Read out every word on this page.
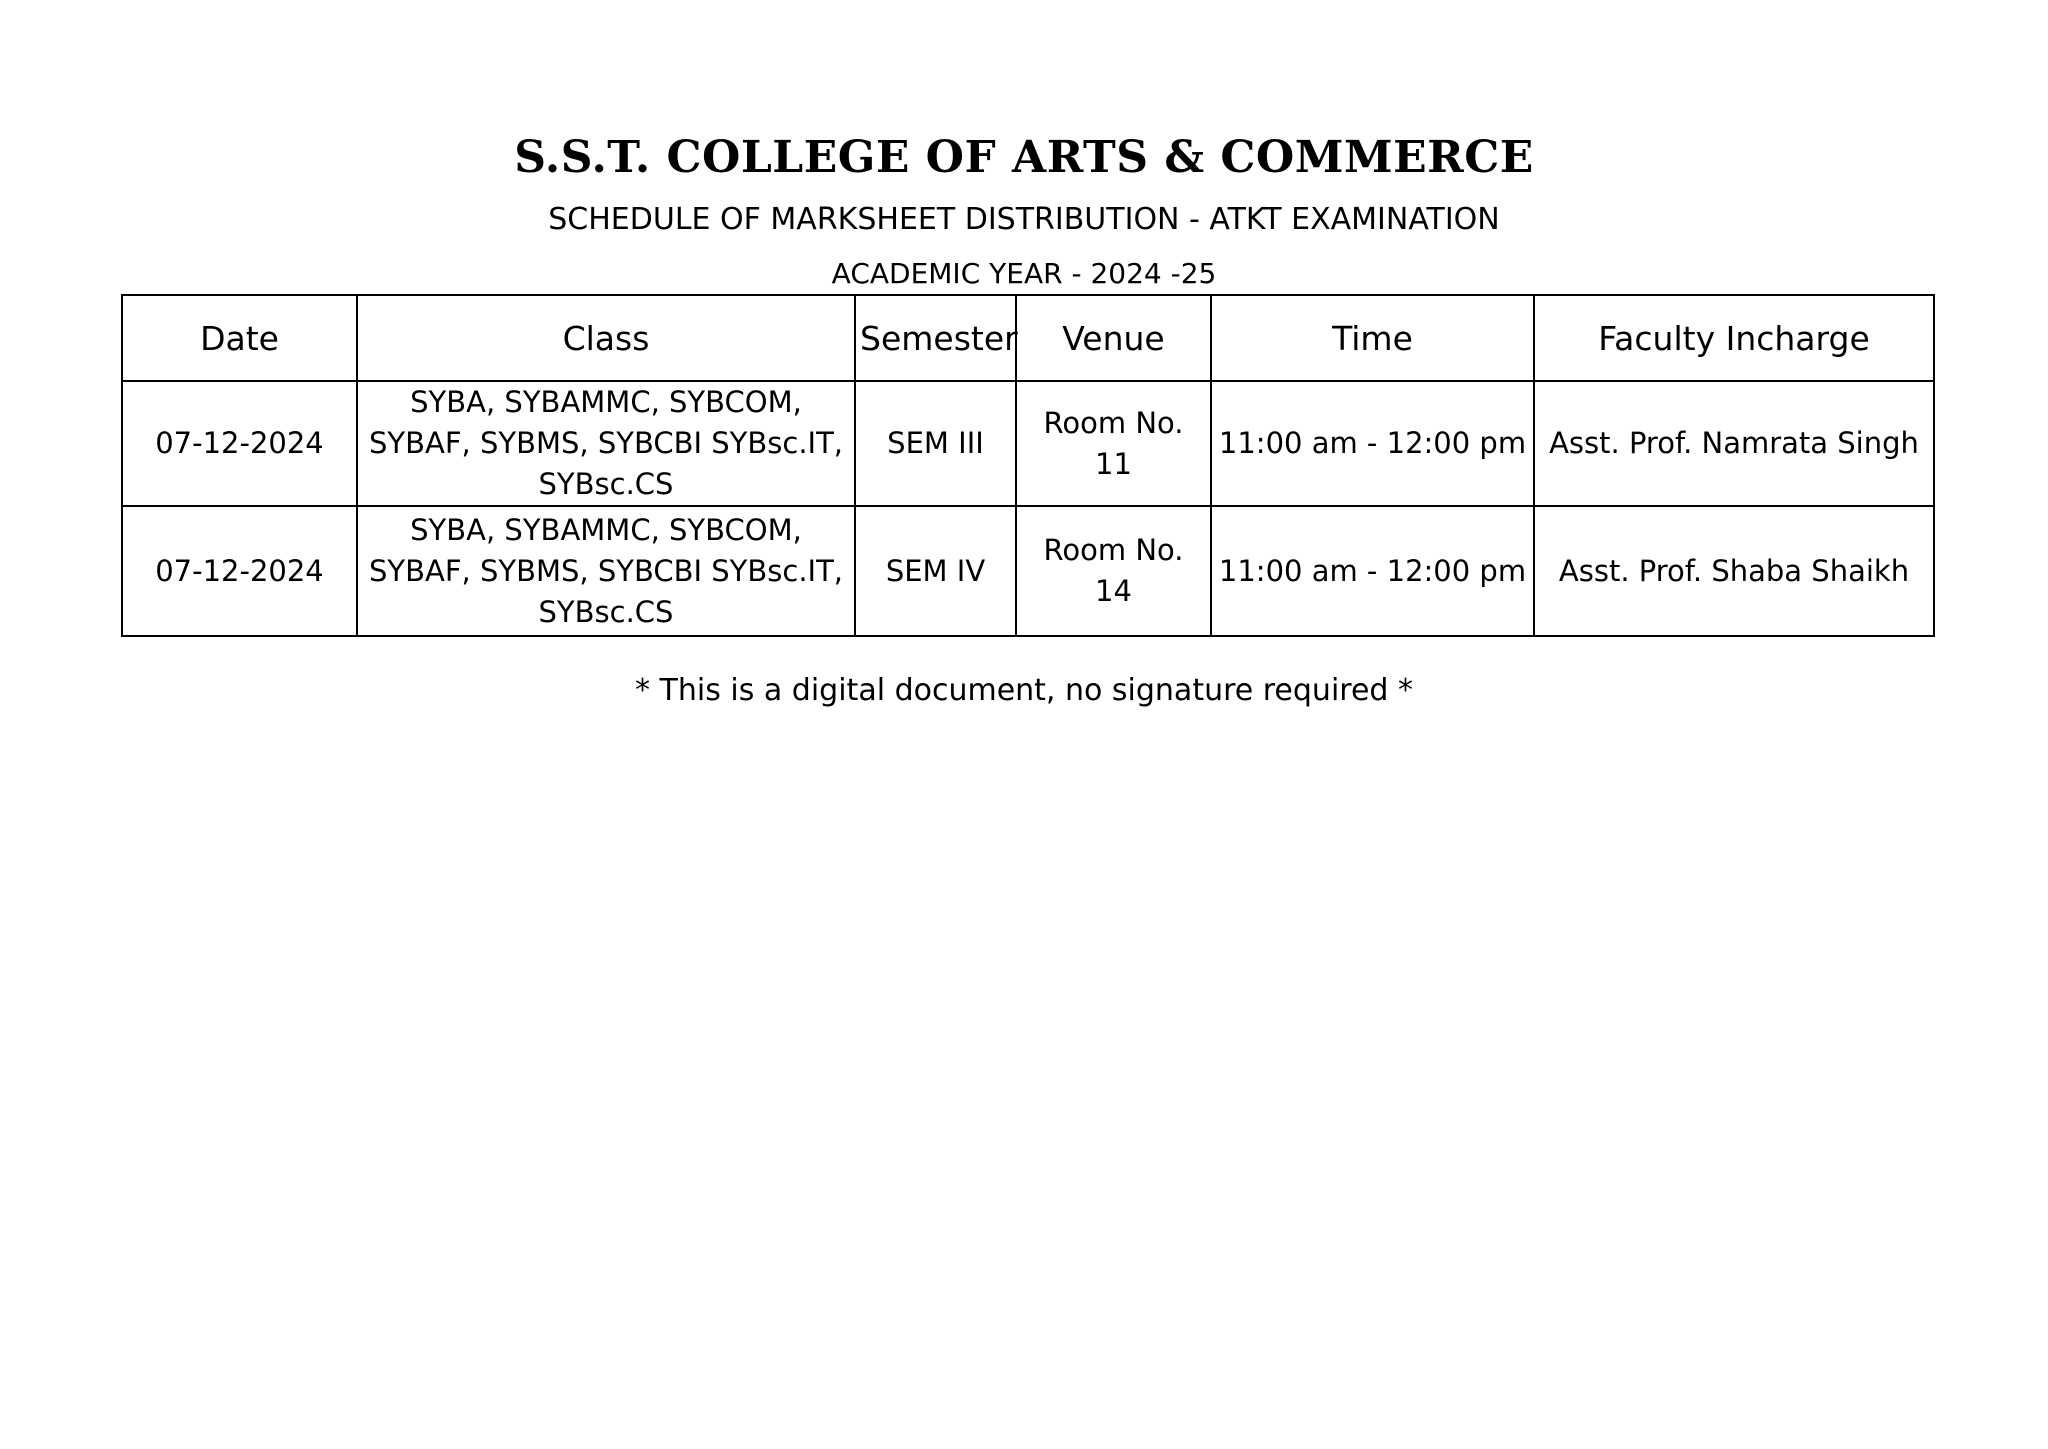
S.S.T. COLLEGE OF ARTS & COMMERCE
SCHEDULE OF MARKSHEET DISTRIBUTION - ATKT EXAMINATION
ACADEMIC YEAR - 2024 -25
Date	Class	Semester	Venue	Time	Faculty Incharge
07-12-2024	SYBA, SYBAMMC, SYBCOM, SYBAF, SYBMS, SYBCBI SYBsc.IT, SYBsc.CS	SEM III	Room No. 11	11:00 am - 12:00 pm	Asst. Prof. Namrata Singh
07-12-2024	SYBA, SYBAMMC, SYBCOM, SYBAF, SYBMS, SYBCBI SYBsc.IT, SYBsc.CS	SEM IV	Room No. 14	11:00 am - 12:00 pm	Asst. Prof. Shaba Shaikh
* This is a digital document, no signature required *
